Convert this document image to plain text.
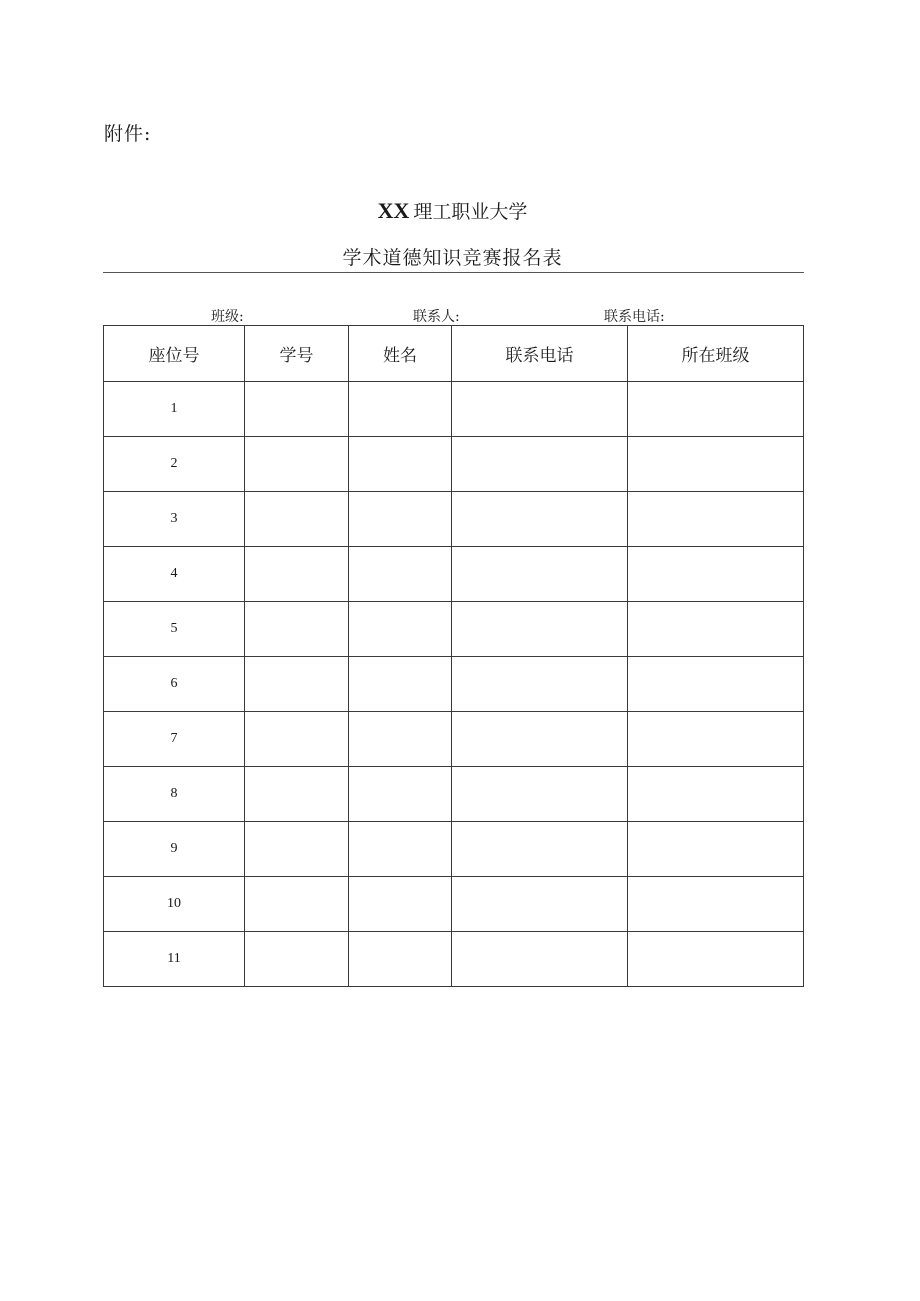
附件:
XX 理工职业大学
学术道德知识竞赛报名表
班级:	联系人:	联系电话:
座位号	学号	姓名	联系电话	所在班级
1				
2				
3				
4				
5				
6				
7				
8				
9				
10				
11				
